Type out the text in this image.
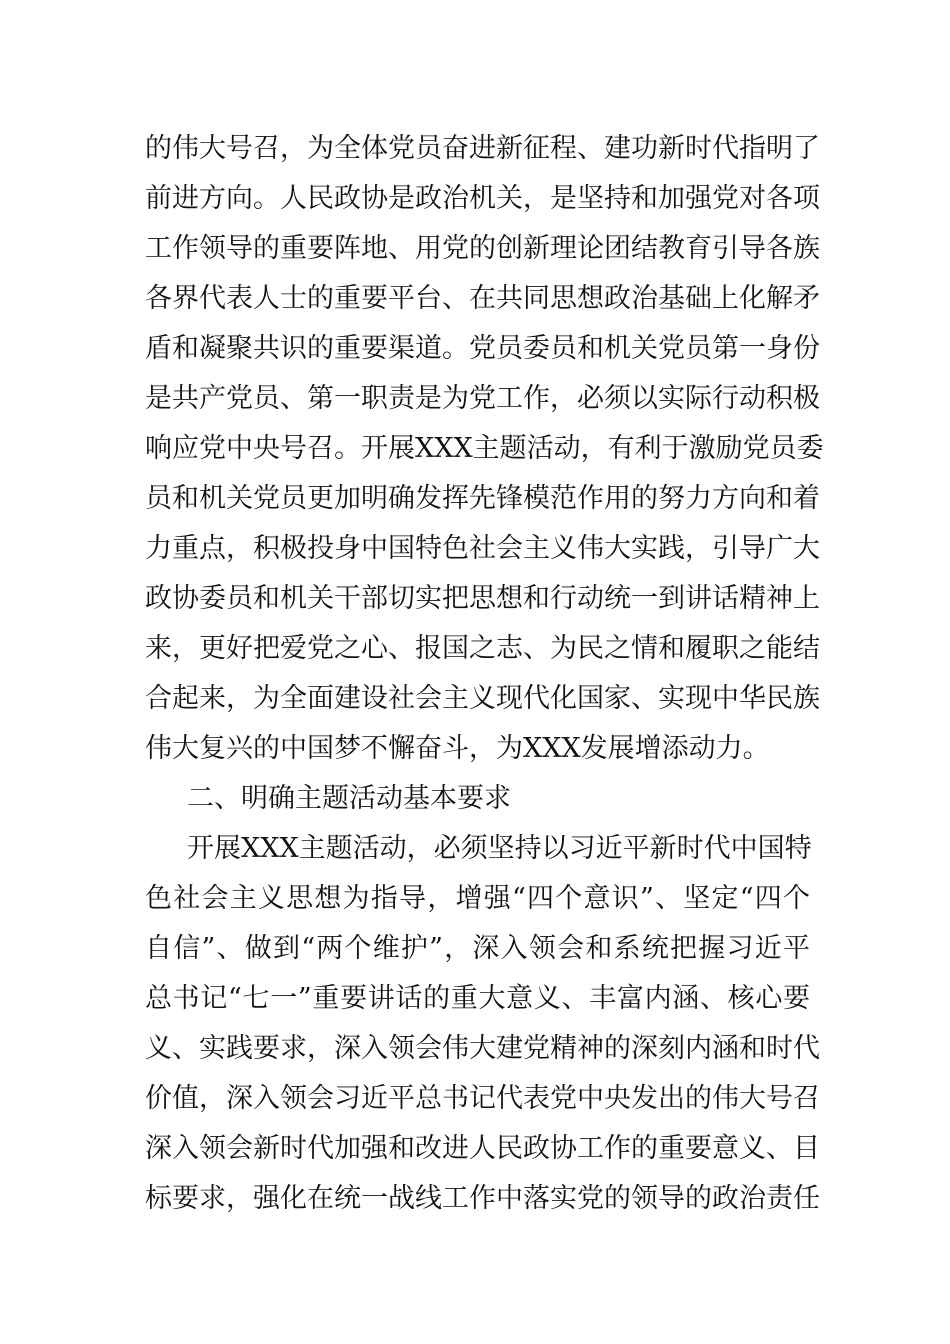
的伟大号召，为全体党员奋进新征程、建功新时代指明了
前进方向。人民政协是政治机关，是坚持和加强党对各项
工作领导的重要阵地、用党的创新理论团结教育引导各族
各界代表人士的重要平台、在共同思想政治基础上化解矛
盾和凝聚共识的重要渠道。党员委员和机关党员第一身份
是共产党员、第一职责是为党工作，必须以实际行动积极
响应党中央号召。开展XXX主题活动，有利于激励党员委
员和机关党员更加明确发挥先锋模范作用的努力方向和着
力重点，积极投身中国特色社会主义伟大实践，引导广大
政协委员和机关干部切实把思想和行动统一到讲话精神上
来，更好把爱党之心、报国之志、为民之情和履职之能结
合起来，为全面建设社会主义现代化国家、实现中华民族
伟大复兴的中国梦不懈奋斗，为XXX发展增添动力。
二、明确主题活动基本要求
开展XXX主题活动，必须坚持以习近平新时代中国特
色社会主义思想为指导，增强“四个意识”、坚定“四个
自信”、做到“两个维护”，深入领会和系统把握习近平
总书记“七一”重要讲话的重大意义、丰富内涵、核心要
义、实践要求，深入领会伟大建党精神的深刻内涵和时代
价值，深入领会习近平总书记代表党中央发出的伟大号召
深入领会新时代加强和改进人民政协工作的重要意义、目
标要求，强化在统一战线工作中落实党的领导的政治责任
